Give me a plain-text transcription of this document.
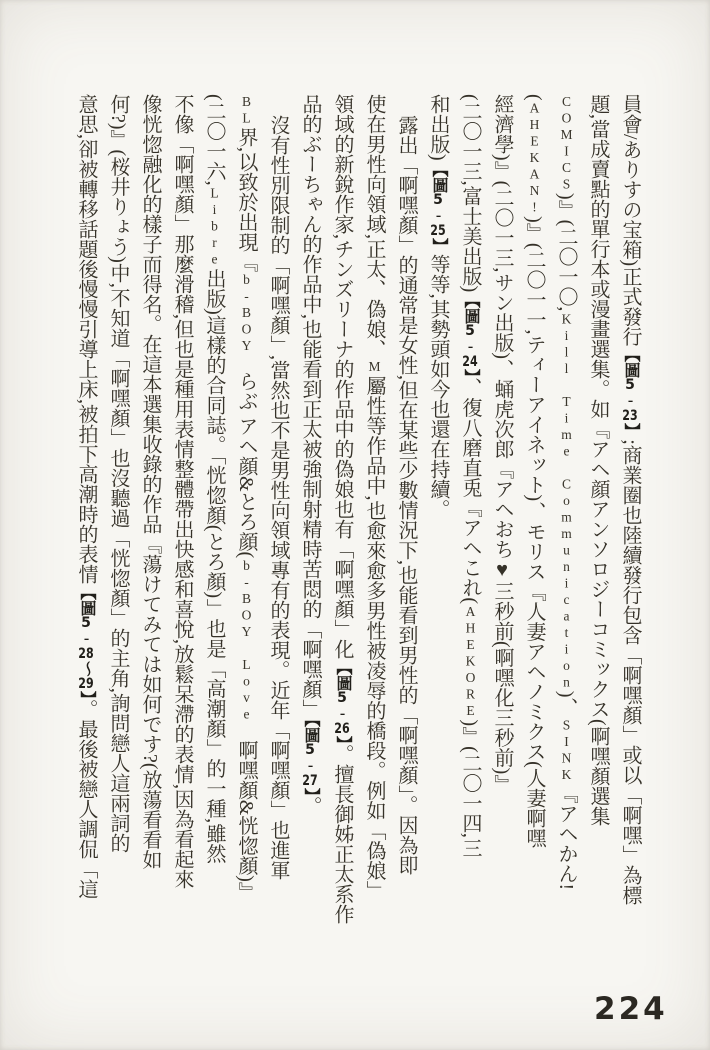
員會/ありすの宝箱)正式發行【圖5-23】;商業圈也陸續發行包含「啊嘿顏」或以「啊嘿」為標
題,當成賣點的單行本或漫畫選集。如『アヘ顔アンソロジーコミックス(啊嘿顏選集
COMICS)』(二〇一〇,Kill Time Communication)、SINK『アヘかん!
(AHEKAN!)』(二〇一一,ティーアイネット)、モリス『人妻アヘノミクス(人妻啊嘿
經濟學)』(二〇一三,サン出版)、蛹虎次郎『アヘおち♥三秒前(啊嘿化三秒前)』
(二〇一三,富士美出版)【圖5-24】、復八磨直兎『アヘこれ(AHEKORE)』(二〇一四,三
和出版)【圖5-25】等等,其勢頭如今也還在持續。
露出「啊嘿顏」的通常是女性,但在某些少數情況下,也能看到男性的「啊嘿顏」。因為即
使在男性向領域,正太、偽娘、M屬性等作品中,也愈來愈多男性被凌辱的橋段。例如「偽娘」
領域的新銳作家,チンズリーナ的作品中的偽娘也有「啊嘿顏」化【圖5-26】。擅長御姊正太系作
品的ぶーちゃん的作品中,也能看到正太被強制射精時苦悶的「啊嘿顏」【圖5-27】。
沒有性別限制的「啊嘿顏」,當然也不是男性向領域專有的表現。近年「啊嘿顏」也進軍
BL界,以致於出現『b-BOY らぶ アヘ顔&とろ顔(b-BOY Love 啊嘿顏&恍惚顏)』
(二〇一六,Libre出版)這樣的合同誌。「恍惚顏(とろ顏)」也是「高潮顏」的一種,雖然
不像「啊嘿顏」那麼滑稽,但也是種用表情整體帶出快感和喜悅,放鬆呆滯的表情,因為看起來
像恍惚融化的樣子而得名。在這本選集收錄的作品『蕩けてみては如何です?(放蕩看看如
何?)』(桜井りょう)中,不知道「啊嘿顏」也沒聽過「恍惚顏」的主角,詢問戀人這兩詞的
意思,卻被轉移話題後慢慢引導上床,被拍下高潮時的表情【圖5-28〜29】。最後被戀人調侃「這
224
